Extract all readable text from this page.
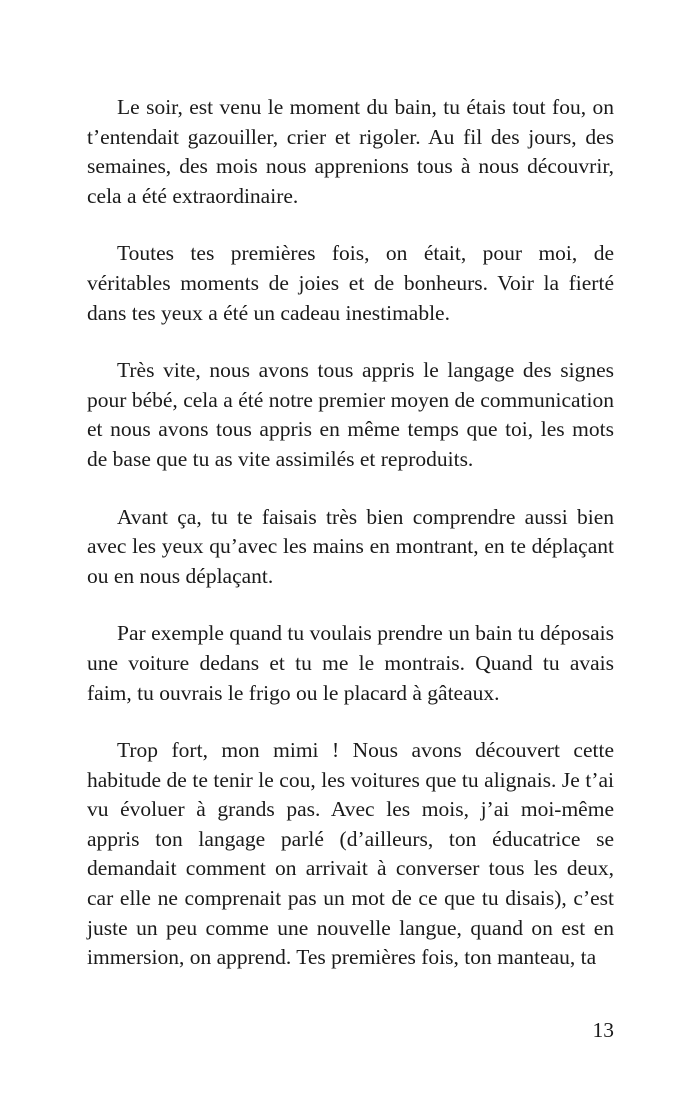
Le soir, est venu le moment du bain, tu étais tout fou, on t’entendait gazouiller, crier et rigoler. Au fil des jours, des semaines, des mois nous apprenions tous à nous découvrir, cela a été extraordinaire.

Toutes tes premières fois, on était, pour moi, de véritables moments de joies et de bonheurs. Voir la fierté dans tes yeux a été un cadeau inestimable.

Très vite, nous avons tous appris le langage des signes pour bébé, cela a été notre premier moyen de communication et nous avons tous appris en même temps que toi, les mots de base que tu as vite assimilés et reproduits.

Avant ça, tu te faisais très bien comprendre aussi bien avec les yeux qu’avec les mains en montrant, en te déplaçant ou en nous déplaçant.

Par exemple quand tu voulais prendre un bain tu déposais une voiture dedans et tu me le montrais. Quand tu avais faim, tu ouvrais le frigo ou le placard à gâteaux.

Trop fort, mon mimi ! Nous avons découvert cette habitude de te tenir le cou, les voitures que tu alignais. Je t’ai vu évoluer à grands pas. Avec les mois, j’ai moi-même appris ton langage parlé (d’ailleurs, ton éducatrice se demandait comment on arrivait à converser tous les deux, car elle ne comprenait pas un mot de ce que tu disais), c’est juste un peu comme une nouvelle langue, quand on est en immersion, on apprend. Tes premières fois, ton manteau, ta

13
